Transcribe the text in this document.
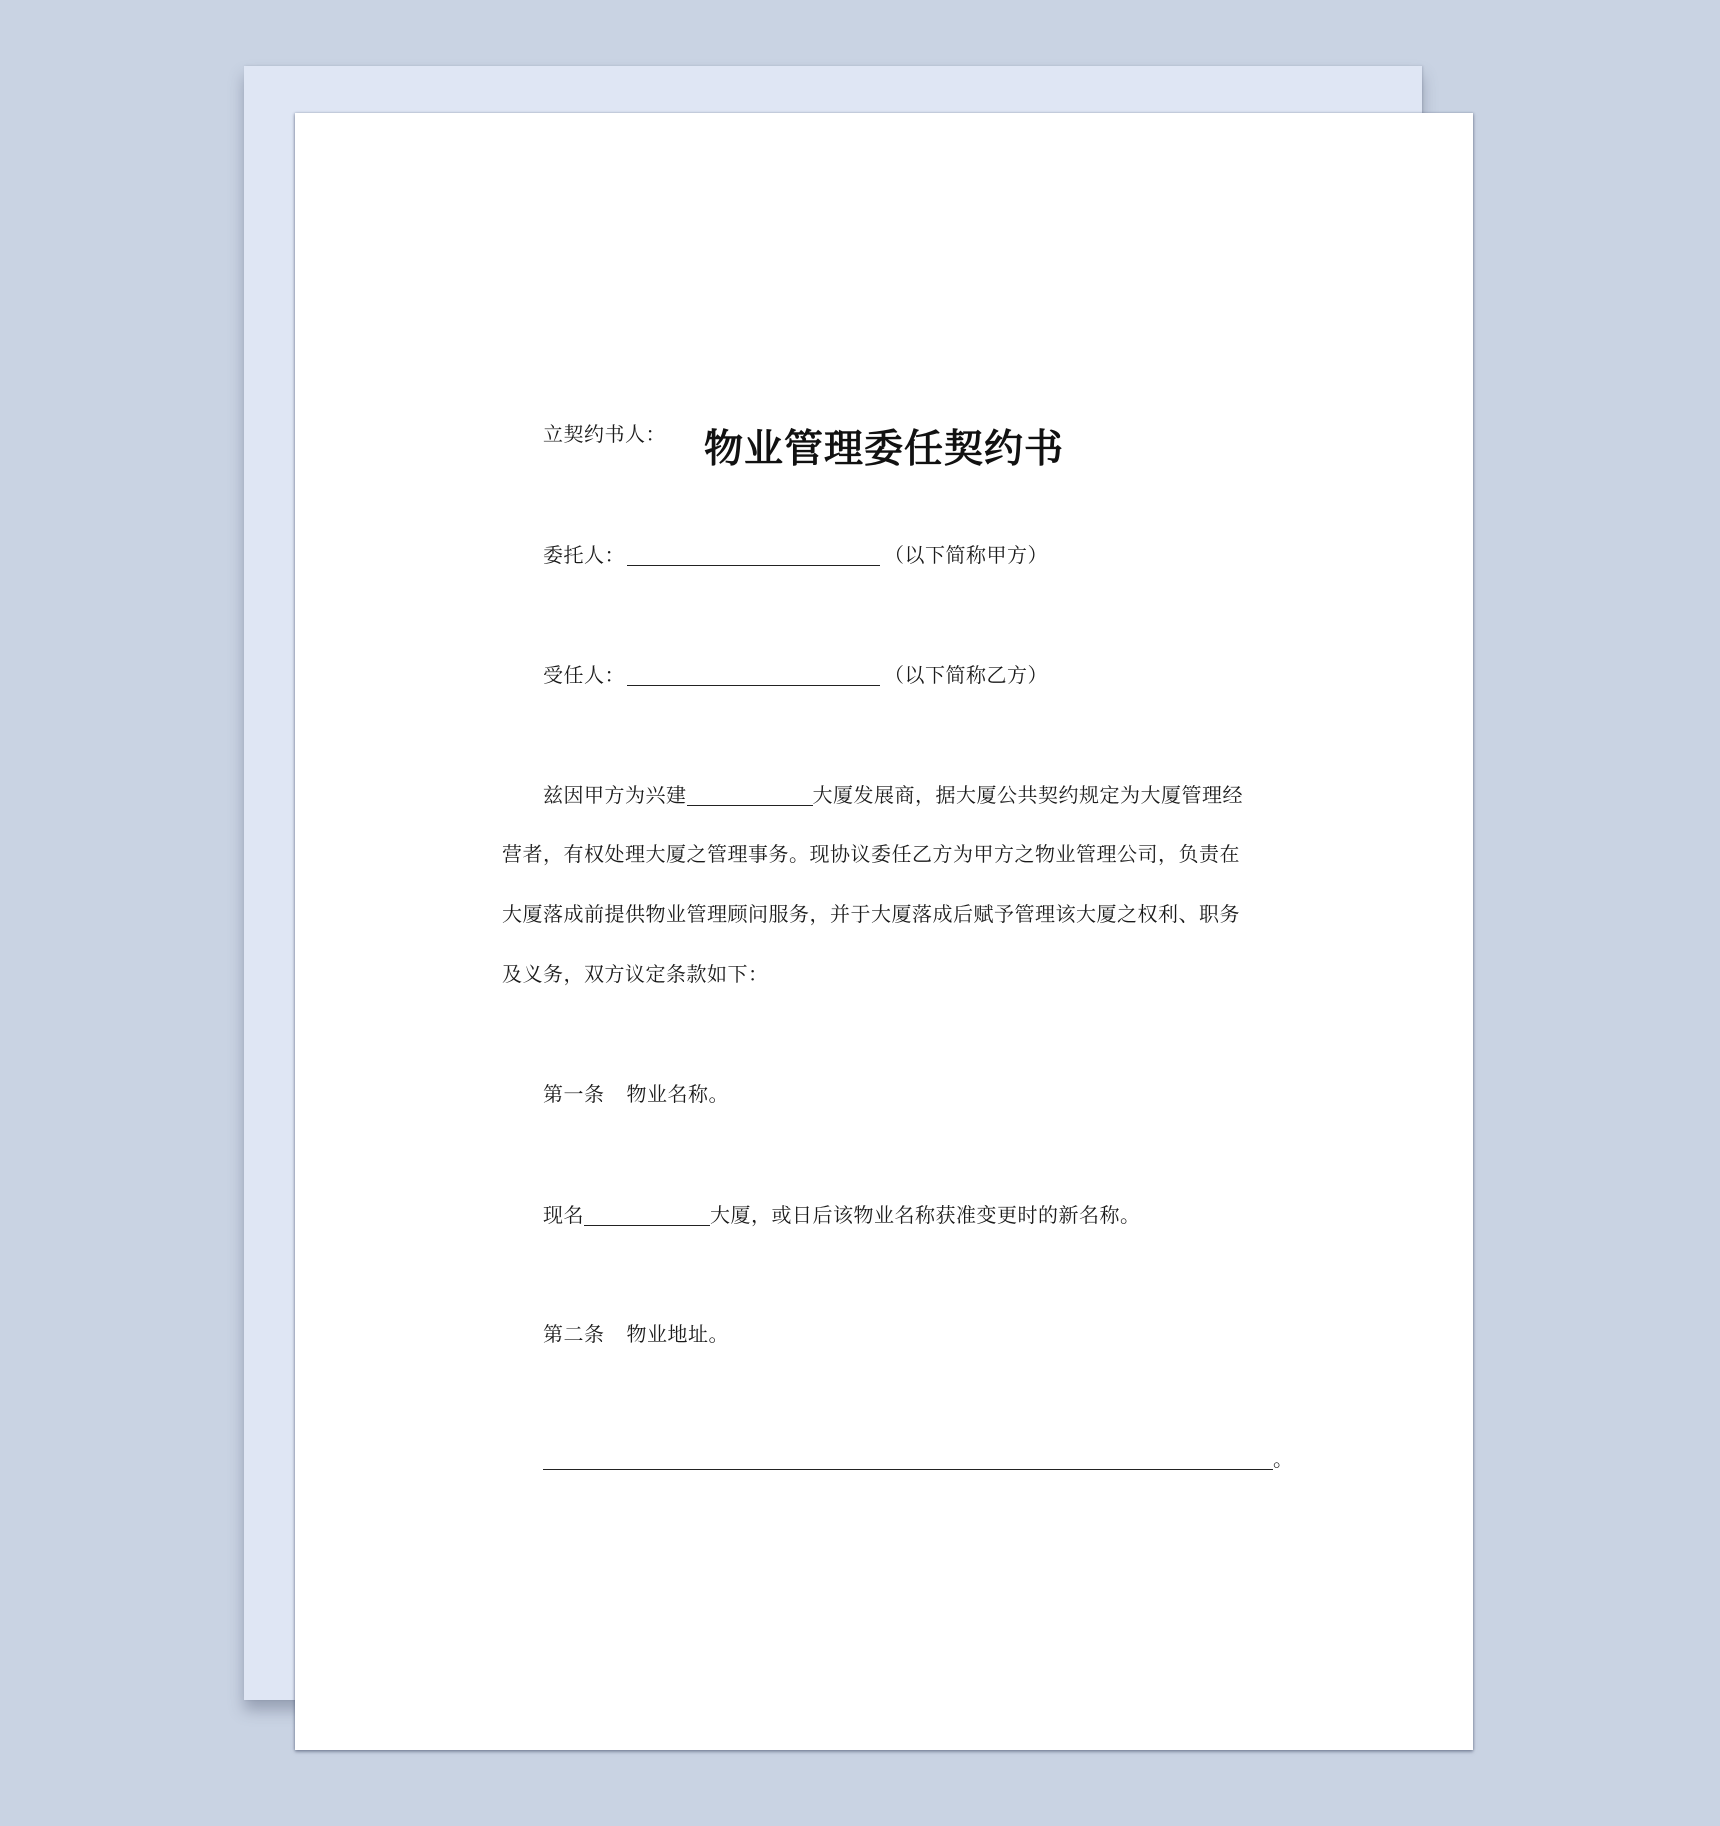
物业管理委任契约书
立契约书人：
委托人：	（以下简称甲方）
受任人：	（以下简称乙方）
兹因甲方为兴建	大厦发展商，据大厦公共契约规定为大厦管理经
营者，有权处理大厦之管理事务。现协议委任乙方为甲方之物业管理公司，负责在
大厦落成前提供物业管理顾问服务，并于大厦落成后赋予管理该大厦之权利、职务
及义务，双方议定条款如下：
第一条 物业名称。
现名	大厦，或日后该物业名称获准变更时的新名称。
第二条 物业地址。
。
